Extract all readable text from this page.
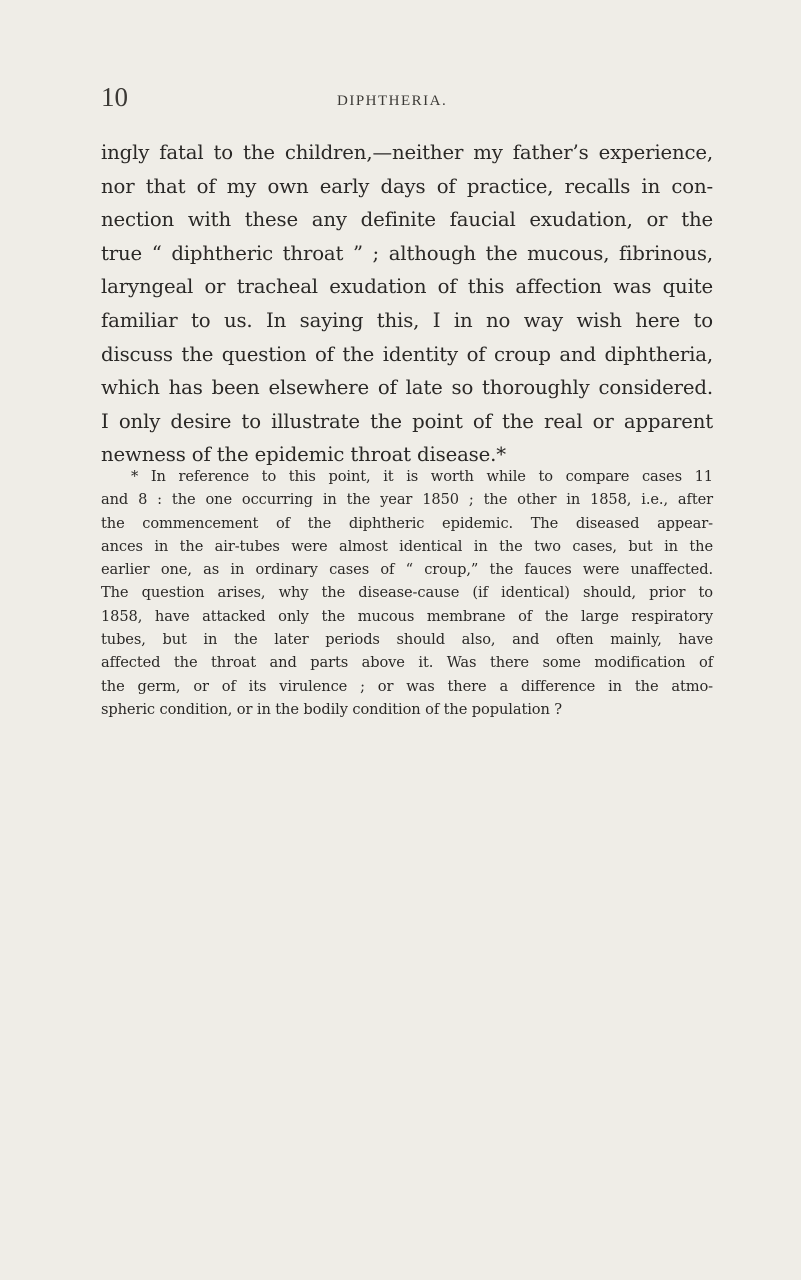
10	DIPHTHERIA.
ingly fatal to the children,—neither my father’s experience,
nor that of my own early days of practice, recalls in con-
nection with these any definite faucial exudation, or the
true “ diphtheric throat ” ; although the mucous, fibrinous,
laryngeal or tracheal exudation of this affection was quite
familiar to us. In saying this, I in no way wish here to
discuss the question of the identity of croup and diphtheria,
which has been elsewhere of late so thoroughly considered.
I only desire to illustrate the point of the real or apparent
newness of the epidemic throat disease.*
* In reference to this point, it is worth while to compare cases 11
and 8 : the one occurring in the year 1850 ; the other in 1858, i.e., after
the commencement of the diphtheric epidemic. The diseased appear-
ances in the air-tubes were almost identical in the two cases, but in the
earlier one, as in ordinary cases of “ croup,” the fauces were unaffected.
The question arises, why the disease-cause (if identical) should, prior to
1858, have attacked only the mucous membrane of the large respiratory
tubes, but in the later periods should also, and often mainly, have
affected the throat and parts above it. Was there some modification of
the germ, or of its virulence ; or was there a difference in the atmo-
spheric condition, or in the bodily condition of the population ?
